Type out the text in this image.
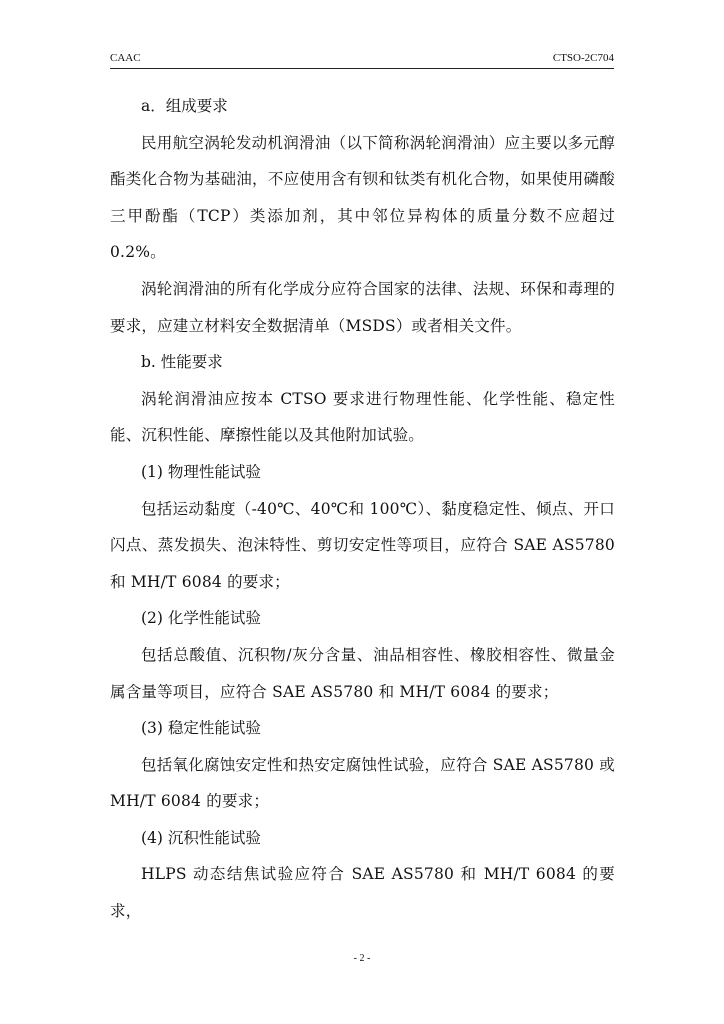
CAAC	CTSO-2C704

a．组成要求

民用航空涡轮发动机润滑油（以下简称涡轮润滑油）应主要以多元醇酯类化合物为基础油，不应使用含有钡和钛类有机化合物，如果使用磷酸三甲酚酯（TCP）类添加剂，其中邻位异构体的质量分数不应超过 0.2%。

涡轮润滑油的所有化学成分应符合国家的法律、法规、环保和毒理的要求，应建立材料安全数据清单（MSDS）或者相关文件。

b. 性能要求

涡轮润滑油应按本 CTSO 要求进行物理性能、化学性能、稳定性能、沉积性能、摩擦性能以及其他附加试验。

(1) 物理性能试验

包括运动黏度（-40℃、40℃和 100℃）、黏度稳定性、倾点、开口闪点、蒸发损失、泡沫特性、剪切安定性等项目，应符合 SAE AS5780 和 MH/T 6084 的要求；

(2) 化学性能试验

包括总酸值、沉积物/灰分含量、油品相容性、橡胶相容性、微量金属含量等项目，应符合 SAE AS5780 和 MH/T 6084 的要求；

(3) 稳定性能试验

包括氧化腐蚀安定性和热安定腐蚀性试验，应符合 SAE AS5780 或 MH/T 6084 的要求；

(4) 沉积性能试验

HLPS 动态结焦试验应符合 SAE AS5780 和 MH/T 6084 的要求，

- 2 -
